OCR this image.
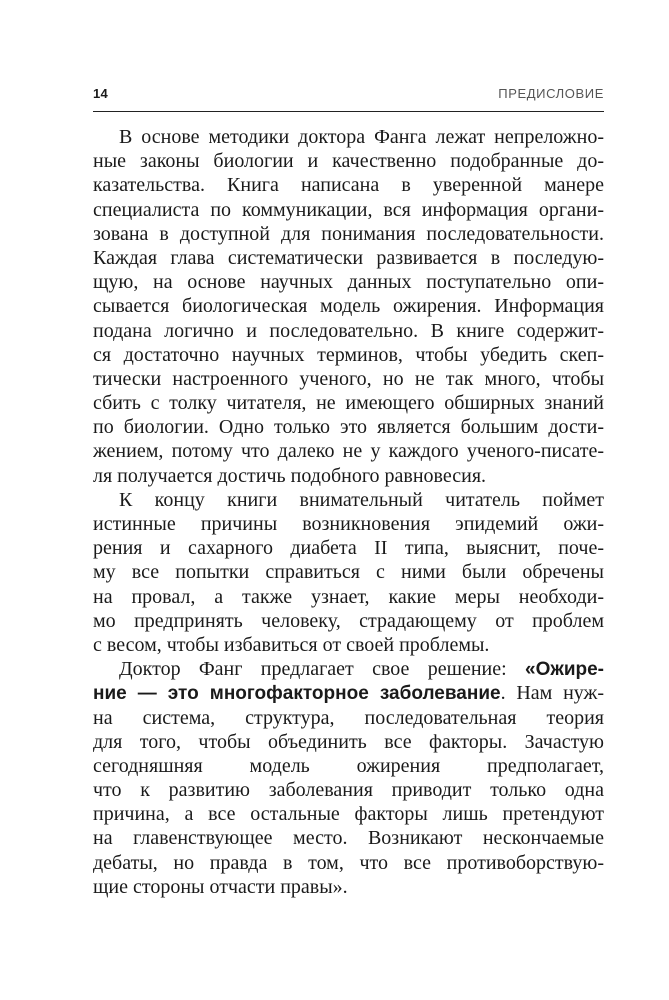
14	ПРЕДИСЛОВИЕ
В основе методики доктора Фанга лежат непреложно-
ные законы биологии и качественно подобранные до-
казательства. Книга написана в уверенной манере
специалиста по коммуникации, вся информация органи-
зована в доступной для понимания последовательности.
Каждая глава систематически развивается в последую-
щую, на основе научных данных поступательно опи-
сывается биологическая модель ожирения. Информация
подана логично и последовательно. В книге содержит-
ся достаточно научных терминов, чтобы убедить скеп-
тически настроенного ученого, но не так много, чтобы
сбить с толку читателя, не имеющего обширных знаний
по биологии. Одно только это является большим дости-
жением, потому что далеко не у каждого ученого-писате-
ля получается достичь подобного равновесия.
К концу книги внимательный читатель поймет
истинные причины возникновения эпидемий ожи-
рения и сахарного диабета II типа, выяснит, поче-
му все попытки справиться с ними были обречены
на провал, а также узнает, какие меры необходи-
мо предпринять человеку, страдающему от проблем
с весом, чтобы избавиться от своей проблемы.
Доктор Фанг предлагает свое решение: «Ожире-
ние — это многофакторное заболевание. Нам нуж-
на система, структура, последовательная теория
для того, чтобы объединить все факторы. Зачастую
сегодняшняя модель ожирения предполагает,
что к развитию заболевания приводит только одна
причина, а все остальные факторы лишь претендуют
на главенствующее место. Возникают нескончаемые
дебаты, но правда в том, что все противоборствую-
щие стороны отчасти правы».
